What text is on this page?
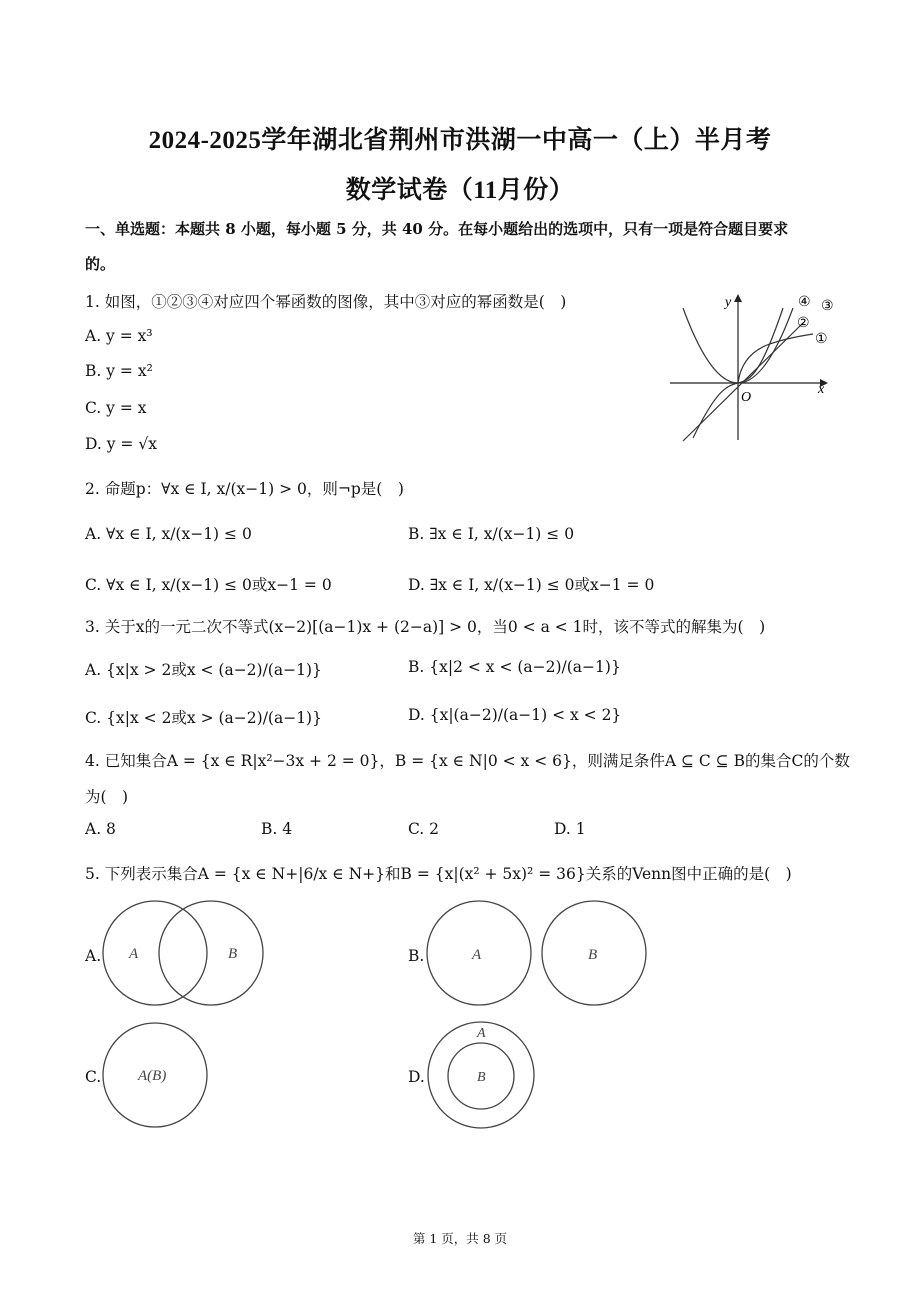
2024-2025学年湖北省荆州市洪湖一中高一（上）半月考
数学试卷（11月份）
一、单选题：本题共 8 小题，每小题 5 分，共 40 分。在每小题给出的选项中，只有一项是符合题目要求
的。
1. 如图，①②③④对应四个幂函数的图像，其中③对应的幂函数是(　)
A. y = x³
B. y = x²
C. y = x
D. y = √x
y
x
O
④ ③
②
①
2. 命题p：∀x ∈ I, x/(x−1) > 0，则¬p是(　)
A. ∀x ∈ I, x/(x−1) ≤ 0	B. ∃x ∈ I, x/(x−1) ≤ 0
C. ∀x ∈ I, x/(x−1) ≤ 0或x−1 = 0	D. ∃x ∈ I, x/(x−1) ≤ 0或x−1 = 0
3. 关于x的一元二次不等式(x−2)[(a−1)x + (2−a)] > 0，当0 < a < 1时，该不等式的解集为(　)
A. {x|x > 2或x < (a−2)/(a−1)}	B. {x|2 < x < (a−2)/(a−1)}
C. {x|x < 2或x > (a−2)/(a−1)}	D. {x|(a−2)/(a−1) < x < 2}
4. 已知集合A = {x ∈ R|x²−3x + 2 = 0}，B = {x ∈ N|0 < x < 6}，则满足条件A ⊆ C ⊆ B的集合C的个数
为(　)
A. 8	B. 4	C. 2	D. 1
5. 下列表示集合A = {x ∈ N+|6/x ∈ N+}和B = {x|(x² + 5x)² = 36}关系的Venn图中正确的是(　)
A. A	B	B.	A	B
C. A(B)	D.
A
B
第 1 页，共 8 页
